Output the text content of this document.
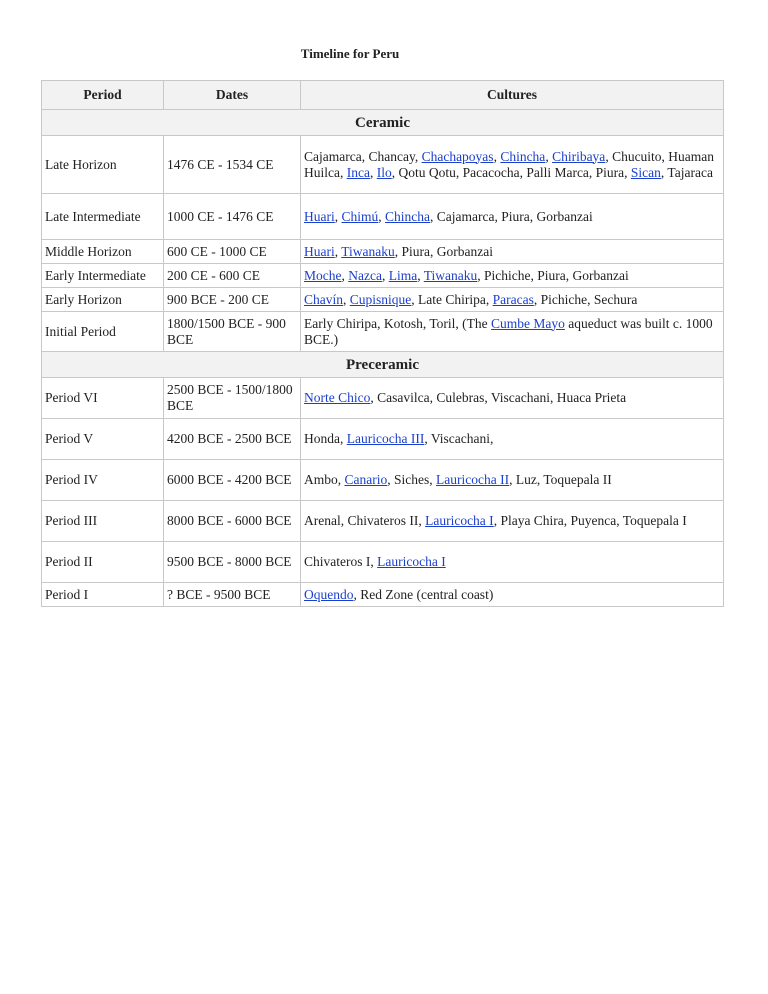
Timeline for Peru
Period	Dates	Cultures
Ceramic		
Late Horizon	1476 CE - 1534 CE	Cajamarca, Chancay, Chachapoyas, Chincha, Chiribaya, Chucuito, Huaman Huilca, Inca, Ilo, Qotu Qotu, Pacacocha, Palli Marca, Piura, Sican, Tajaraca
Late Intermediate	1000 CE - 1476 CE	Huari, Chimú, Chincha, Cajamarca, Piura, Gorbanzai
Middle Horizon	600 CE - 1000 CE	Huari, Tiwanaku, Piura, Gorbanzai
Early Intermediate	200 CE - 600 CE	Moche, Nazca, Lima, Tiwanaku, Pichiche, Piura, Gorbanzai
Early Horizon	900 BCE - 200 CE	Chavín, Cupisnique, Late Chiripa, Paracas, Pichiche, Sechura
Initial Period	1800/1500 BCE - 900 BCE	Early Chiripa, Kotosh, Toril, (The Cumbe Mayo aqueduct was built c. 1000 BCE.)
Preceramic		
Period VI	2500 BCE - 1500/1800 BCE	Norte Chico, Casavilca, Culebras, Viscachani, Huaca Prieta
Period V	4200 BCE - 2500 BCE	Honda, Lauricocha III, Viscachani,
Period IV	6000 BCE - 4200 BCE	Ambo, Canario, Siches, Lauricocha II, Luz, Toquepala II
Period III	8000 BCE - 6000 BCE	Arenal, Chivateros II, Lauricocha I, Playa Chira, Puyenca, Toquepala I
Period II	9500 BCE - 8000 BCE	Chivateros I, Lauricocha I
Period I	? BCE - 9500 BCE	Oquendo, Red Zone (central coast)
